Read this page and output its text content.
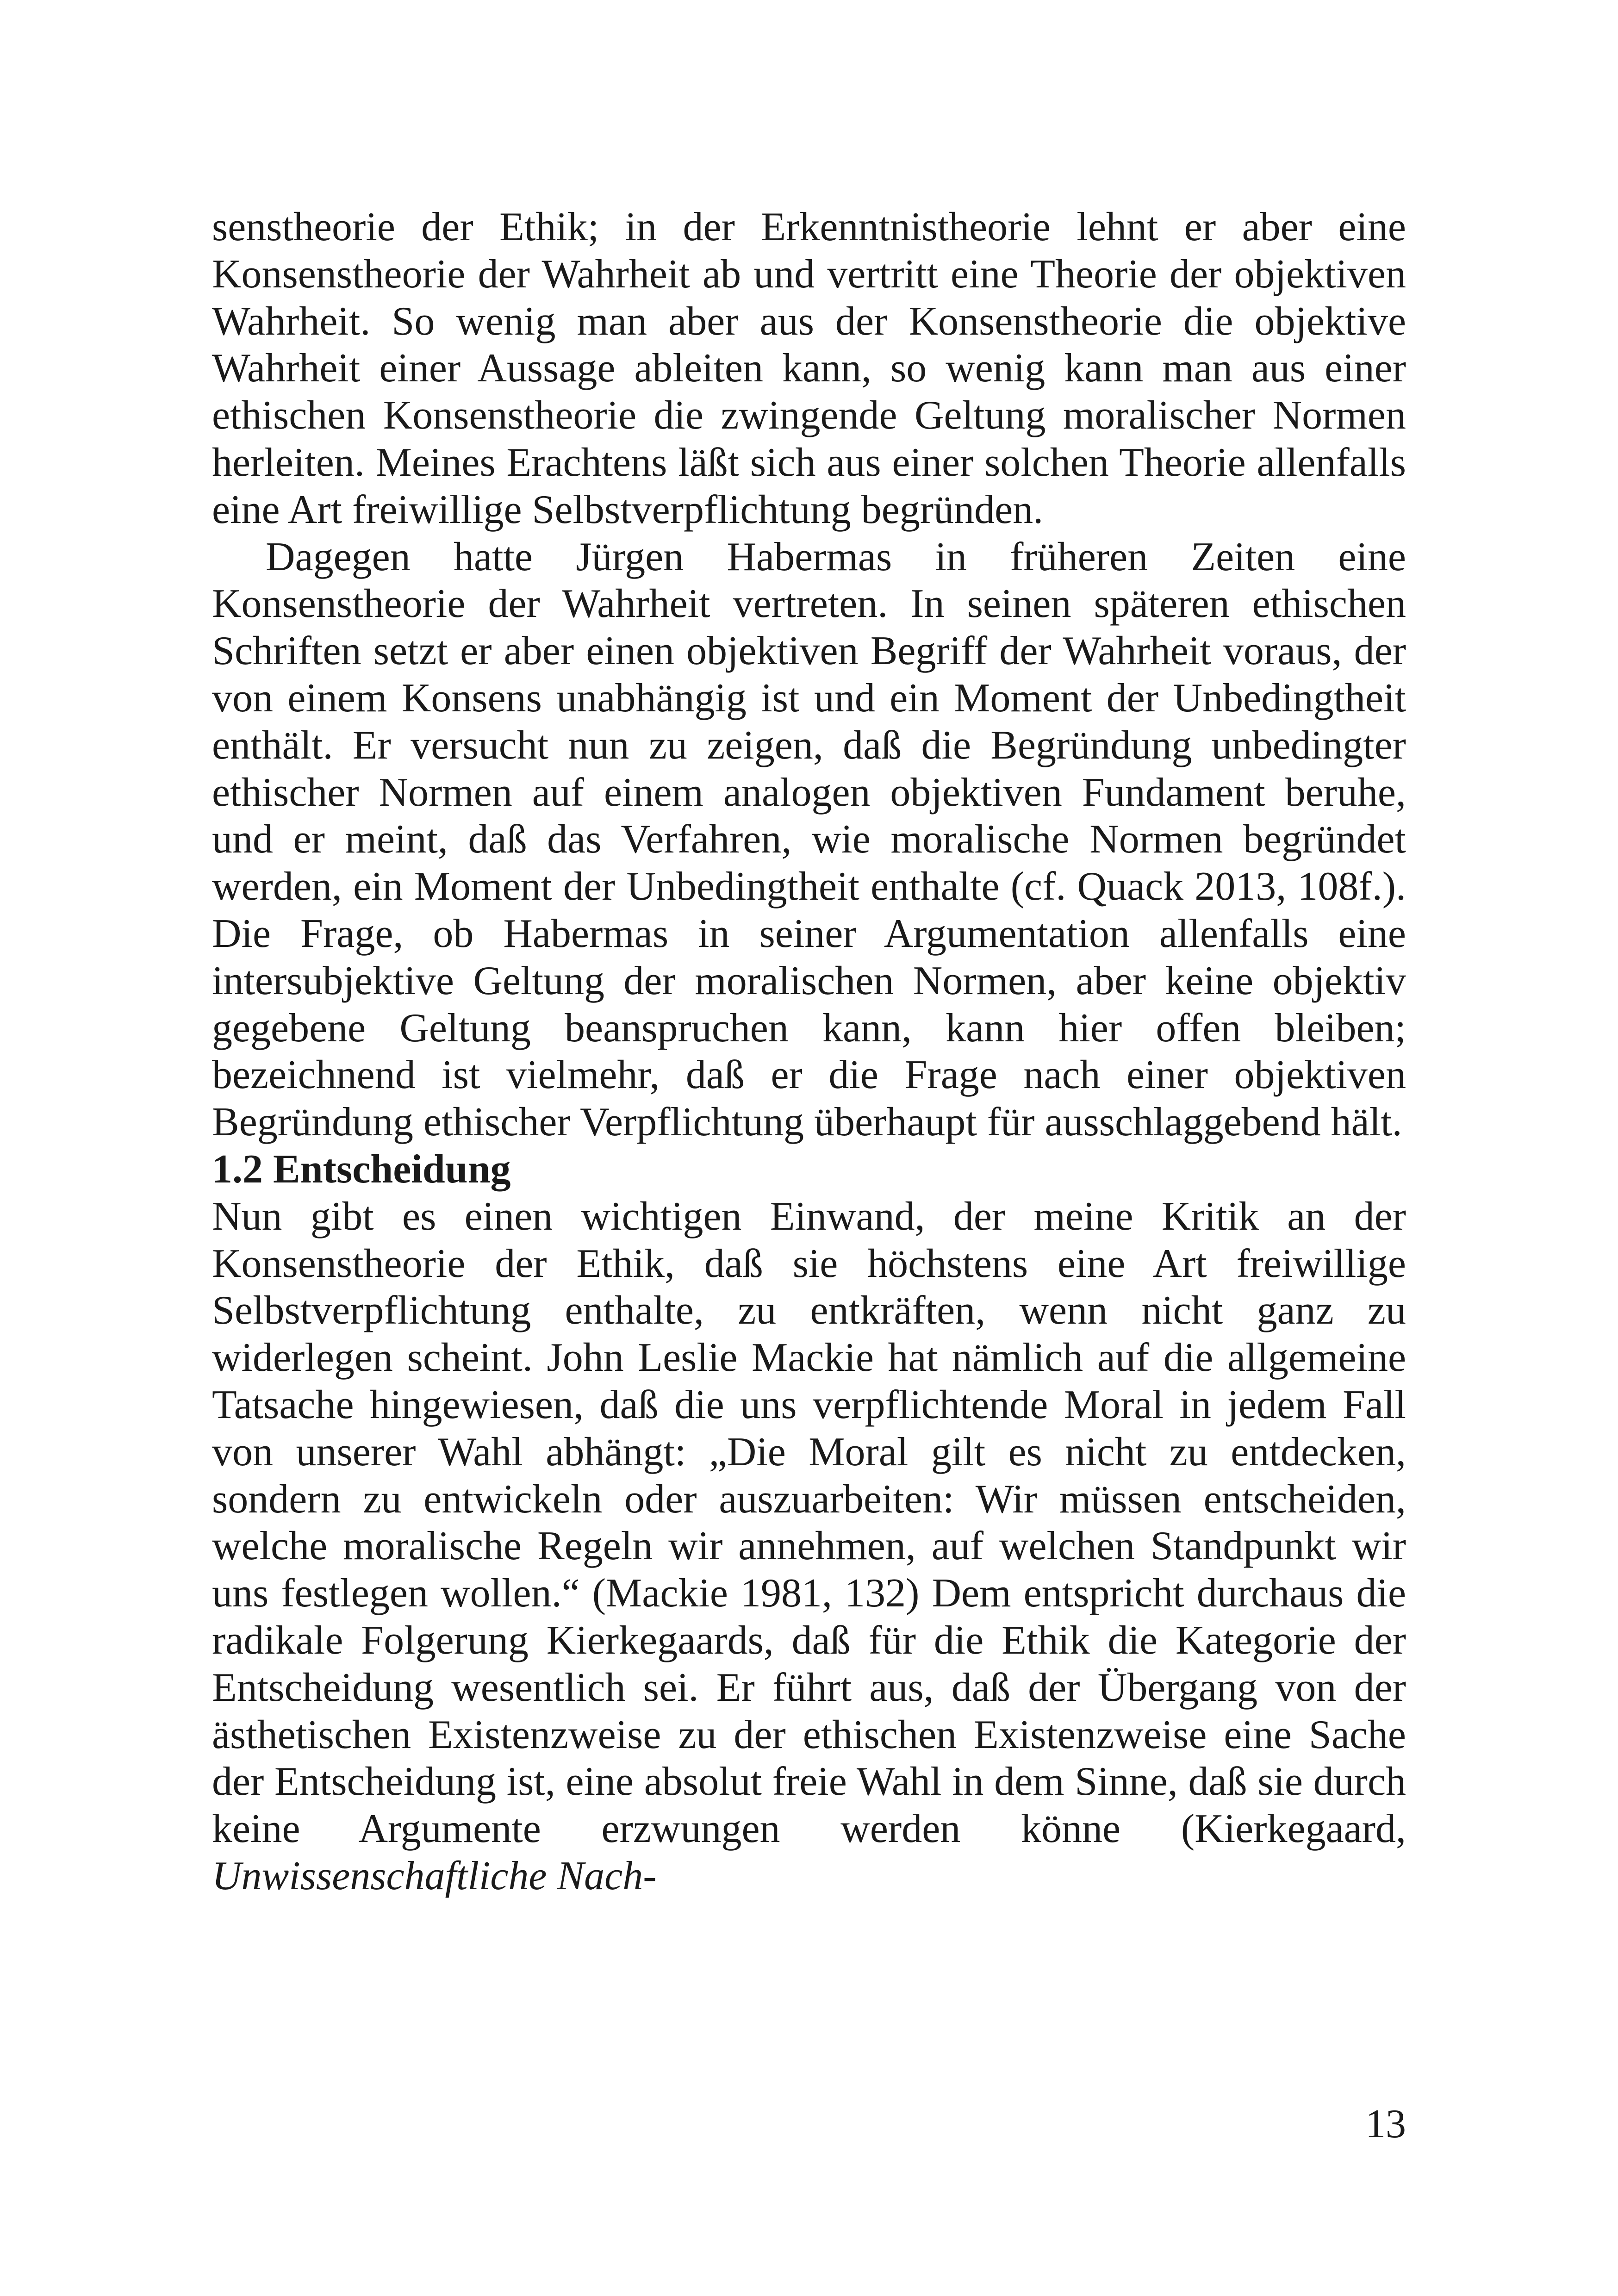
senstheorie der Ethik; in der Erkenntnistheorie lehnt er aber eine Konsenstheorie der Wahrheit ab und vertritt eine Theorie der objektiven Wahrheit. So wenig man aber aus der Konsenstheorie die objektive Wahrheit einer Aussage ableiten kann, so wenig kann man aus einer ethischen Konsenstheorie die zwingende Geltung moralischer Normen herleiten. Meines Erachtens läßt sich aus einer solchen Theorie allenfalls eine Art freiwillige Selbstverpflichtung begründen.

Dagegen hatte Jürgen Habermas in früheren Zeiten eine Konsenstheorie der Wahrheit vertreten. In seinen späteren ethischen Schriften setzt er aber einen objektiven Begriff der Wahrheit voraus, der von einem Konsens unabhängig ist und ein Moment der Unbedingtheit enthält. Er versucht nun zu zeigen, daß die Begründung unbedingter ethischer Normen auf einem analogen objektiven Fundament beruhe, und er meint, daß das Verfahren, wie moralische Normen begründet werden, ein Moment der Unbedingtheit enthalte (cf. Quack 2013, 108f.). Die Frage, ob Habermas in seiner Argumentation allenfalls eine intersubjektive Geltung der moralischen Normen, aber keine objektiv gegebene Geltung beanspruchen kann, kann hier offen bleiben; bezeichnend ist vielmehr, daß er die Frage nach einer objektiven Begründung ethischer Verpflichtung überhaupt für ausschlaggebend hält.

1.2 Entscheidung

Nun gibt es einen wichtigen Einwand, der meine Kritik an der Konsenstheorie der Ethik, daß sie höchstens eine Art freiwillige Selbstverpflichtung enthalte, zu entkräften, wenn nicht ganz zu widerlegen scheint. John Leslie Mackie hat nämlich auf die allgemeine Tatsache hingewiesen, daß die uns verpflichtende Moral in jedem Fall von unserer Wahl abhängt: „Die Moral gilt es nicht zu entdecken, sondern zu entwickeln oder auszuarbeiten: Wir müssen entscheiden, welche moralische Regeln wir annehmen, auf welchen Standpunkt wir uns festlegen wollen.“ (Mackie 1981, 132) Dem entspricht durchaus die radikale Folgerung Kierkegaards, daß für die Ethik die Kategorie der Entscheidung wesentlich sei. Er führt aus, daß der Übergang von der ästhetischen Existenzweise zu der ethischen Existenzweise eine Sache der Entscheidung ist, eine absolut freie Wahl in dem Sinne, daß sie durch keine Argumente erzwungen werden könne (Kierkegaard, Unwissenschaftliche Nach-

13
